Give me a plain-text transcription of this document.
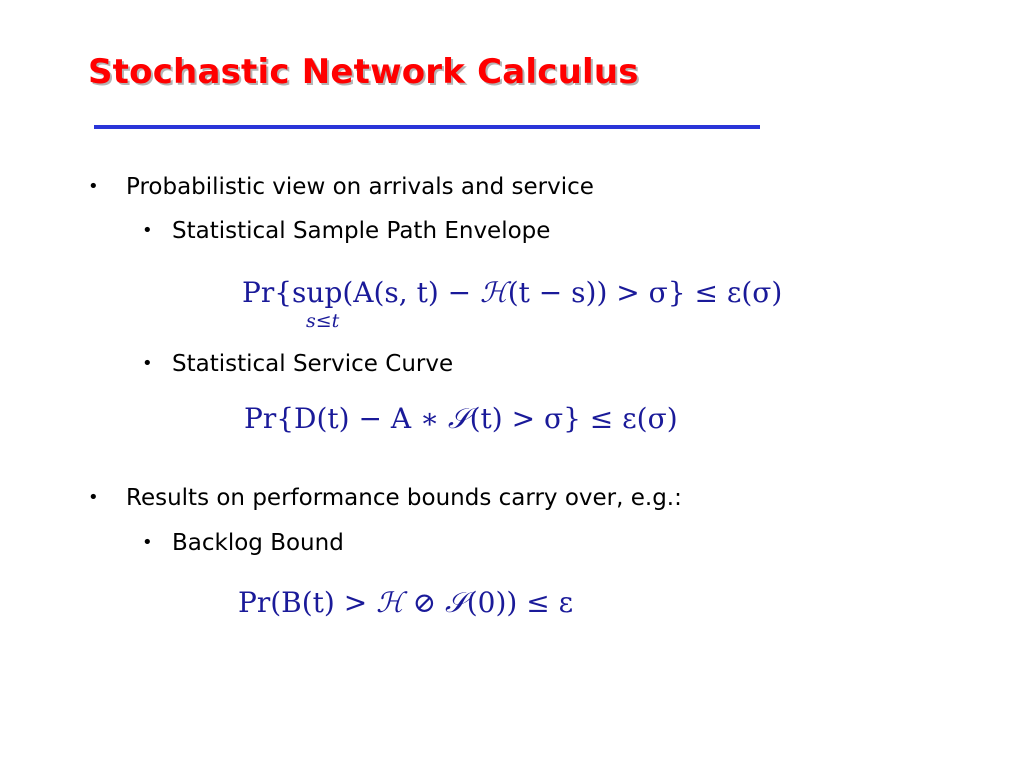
Stochastic Network Calculus
• Probabilistic view on arrivals and service
• Statistical Sample Path Envelope
Pr{sup(A(s, t) − ℋ(t − s)) > σ} ≤ ε(σ)
s≤t
• Statistical Service Curve
Pr{D(t) − A ∗ 𝒮(t) > σ} ≤ ε(σ)
• Results on performance bounds carry over, e.g.:
• Backlog Bound
Pr(B(t) > ℋ ⊘ 𝒮(0)) ≤ ε
